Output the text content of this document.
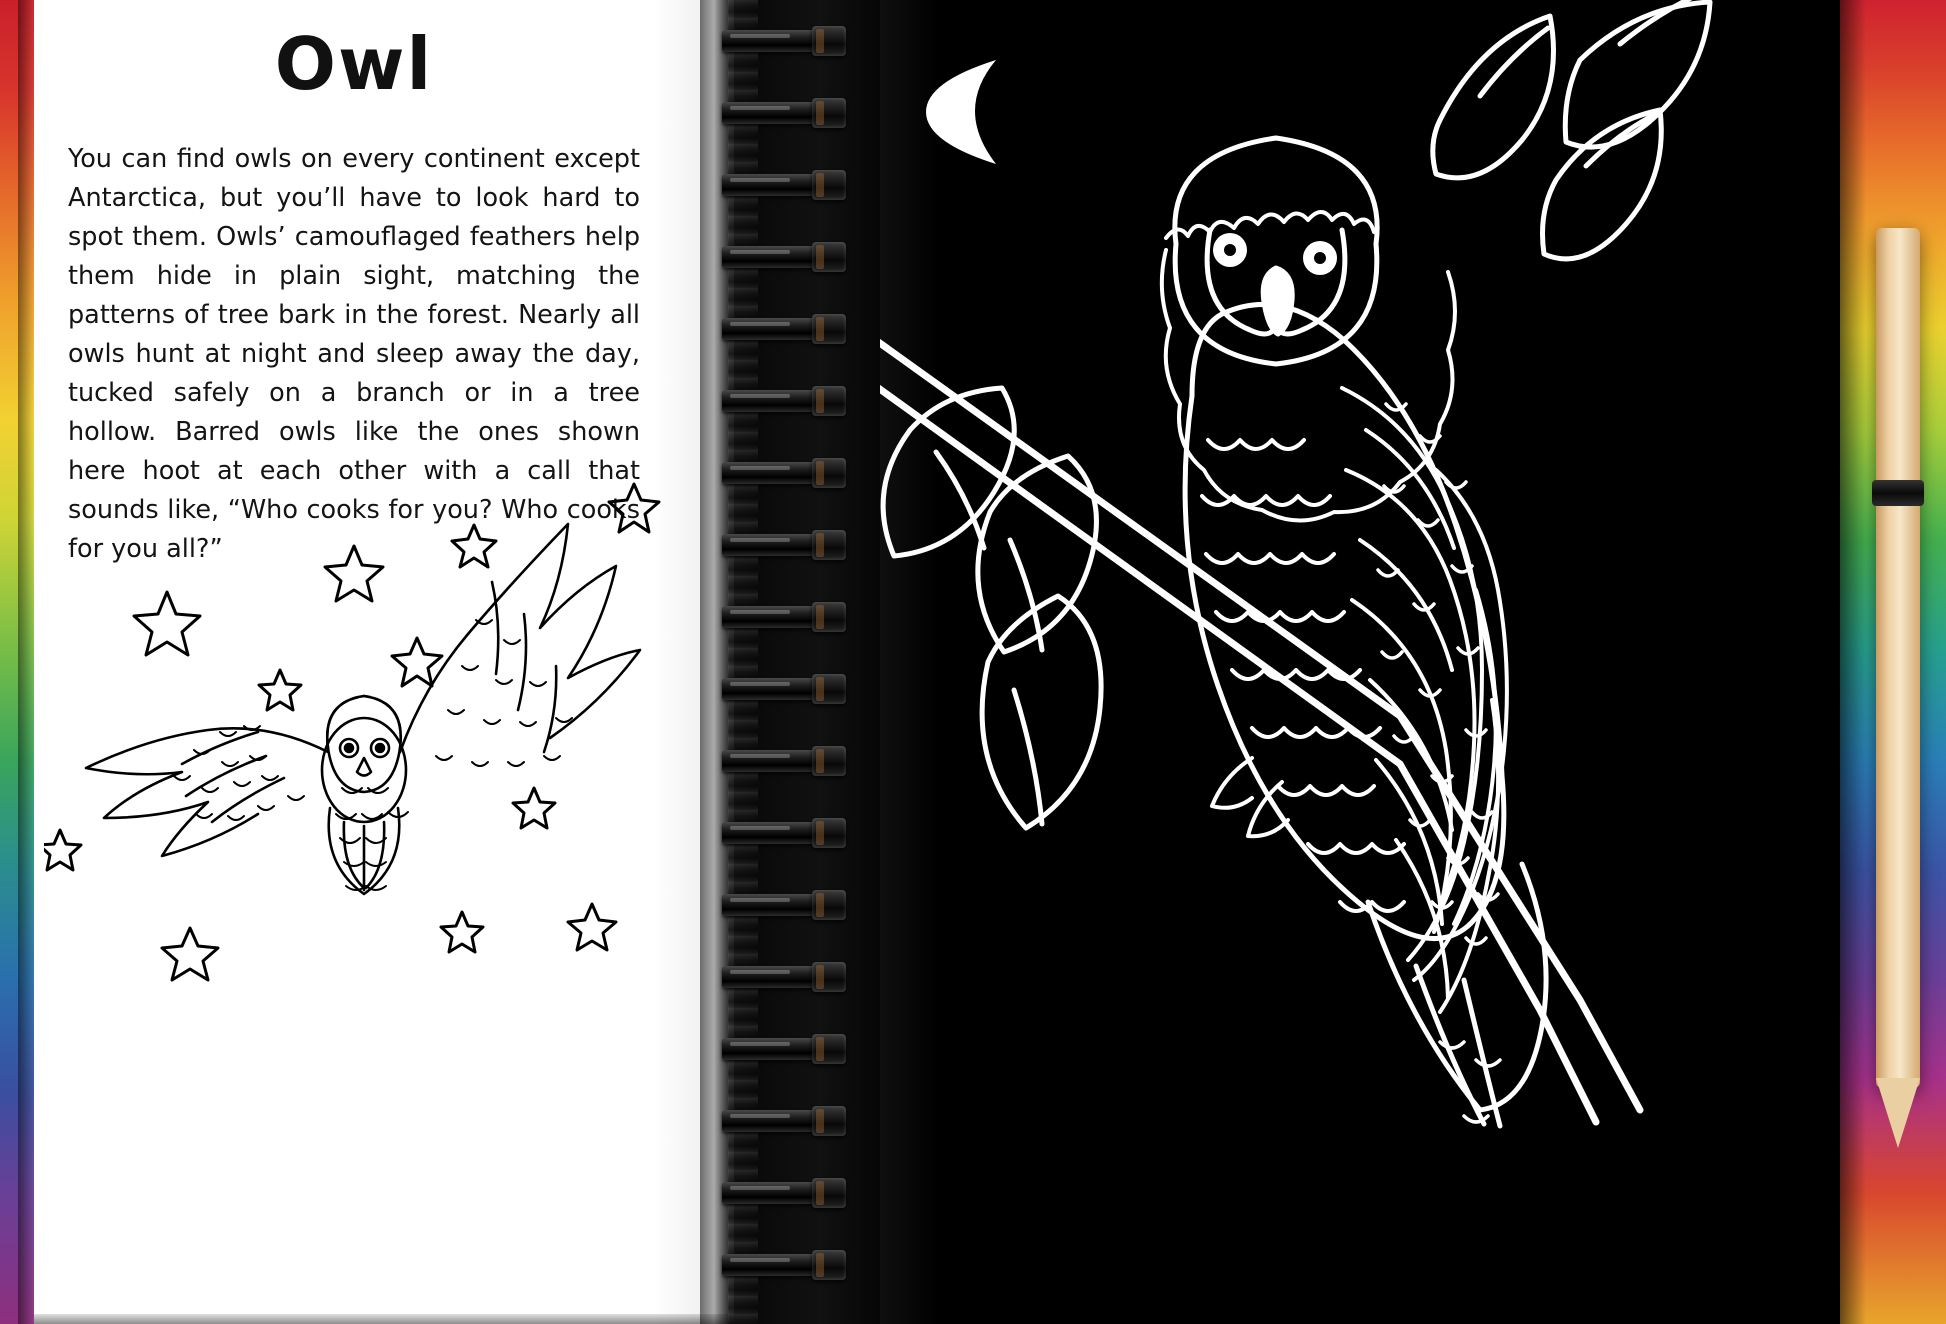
Owl
You can find owls on every continent except Antarctica, but you’ll have to look hard to spot them. Owls’ camouflaged feathers help them hide in plain sight, matching the patterns of tree bark in the forest. Nearly all owls hunt at night and sleep away the day, tucked safely on a branch or in a tree hollow. Barred owls like the ones shown here hoot at each other with a call that sounds like, “Who cooks for you? Who cooks for you all?”
